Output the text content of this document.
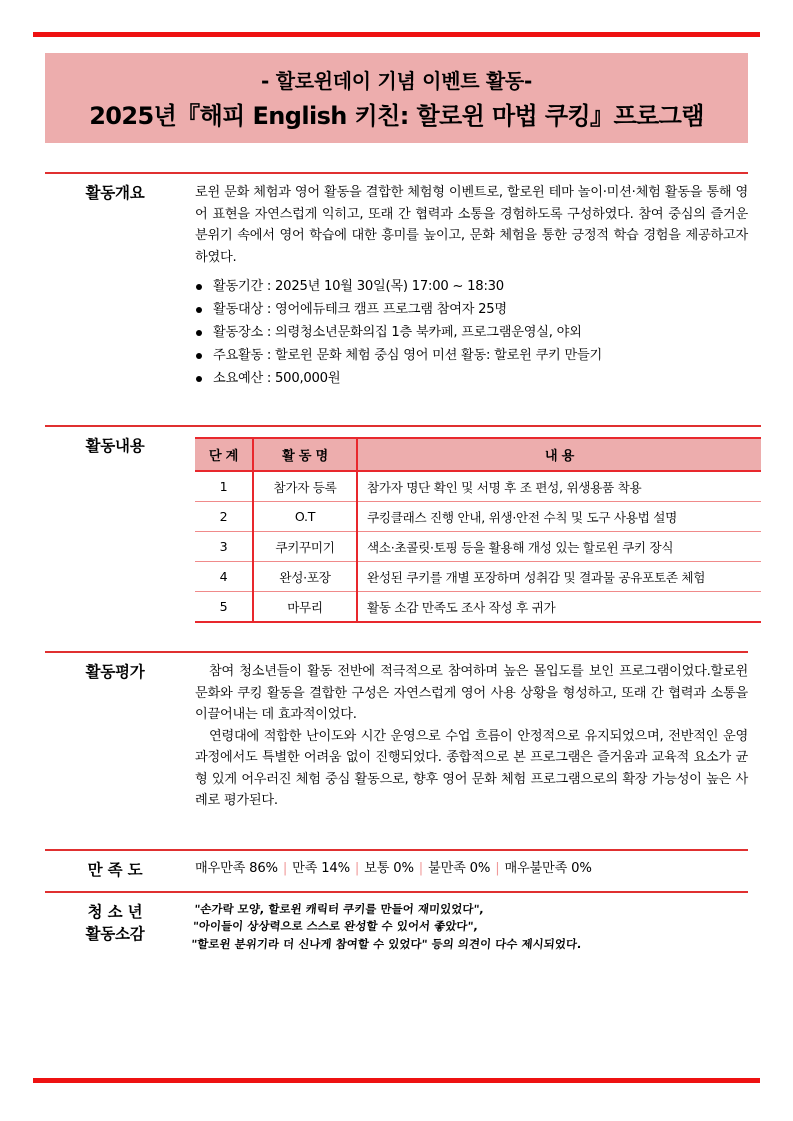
- 할로윈데이 기념 이벤트 활동-
2025년『해피 English 키친: 할로윈 마법 쿠킹』프로그램
활동개요	로윈 문화 체험과 영어 활동을 결합한 체험형 이벤트로, 할로윈 테마 놀이·미션·체험 활동을 통해 영어 표현을 자연스럽게 익히고, 또래 간 협력과 소통을 경험하도록 구성하였다. 참여 중심의 즐거운 분위기 속에서 영어 학습에 대한 흥미를 높이고, 문화 체험을 통한 긍정적 학습 경험을 제공하고자 하였다.

활동기간 : 2025년 10월 30일(목) 17:00 ~ 18:30
활동대상 : 영어에듀테크 캠프 프로그램 참여자 25명
활동장소 : 의령청소년문화의집 1층 북카페, 프로그램운영실, 야외
주요활동 : 할로윈 문화 체험 중심 영어 미션 활동: 할로윈 쿠키 만들기
소요예산 : 500,000원
활동내용
단 계	활 동 명	내 용
1	참가자 등록	참가자 명단 확인 및 서명 후 조 편성, 위생용품 착용
2	O.T	쿠킹클래스 진행 안내, 위생·안전 수칙 및 도구 사용법 설명
3	쿠키꾸미기	색소·초콜릿·토핑 등을 활용해 개성 있는 할로윈 쿠키 장식
4	완성·포장	완성된 쿠키를 개별 포장하며 성취감 및 결과물 공유포토존 체험
5	마무리	활동 소감 만족도 조사 작성 후 귀가
활동평가	참여 청소년들이 활동 전반에 적극적으로 참여하며 높은 몰입도를 보인 프로그램이었다.할로윈 문화와 쿠킹 활동을 결합한 구성은 자연스럽게 영어 사용 상황을 형성하고, 또래 간 협력과 소통을 이끌어내는 데 효과적이었다.

연령대에 적합한 난이도와 시간 운영으로 수업 흐름이 안정적으로 유지되었으며, 전반적인 운영 과정에서도 특별한 어려움 없이 진행되었다. 종합적으로 본 프로그램은 즐거움과 교육적 요소가 균형 있게 어우러진 체험 중심 활동으로, 향후 영어 문화 체험 프로그램으로의 확장 가능성이 높은 사례로 평가된다.

만 족 도	매우만족 86% | 만족 14% | 보통 0% | 불만족 0% | 매우불만족 0%
청 소 년
활동소감
"손가락 모양, 할로윈 캐릭터 쿠키를 만들어 재미있었다",
"아이들이 상상력으로 스스로 완성할 수 있어서 좋았다",
"할로윈 분위기라 더 신나게 참여할 수 있었다" 등의 의견이 다수 제시되었다.
